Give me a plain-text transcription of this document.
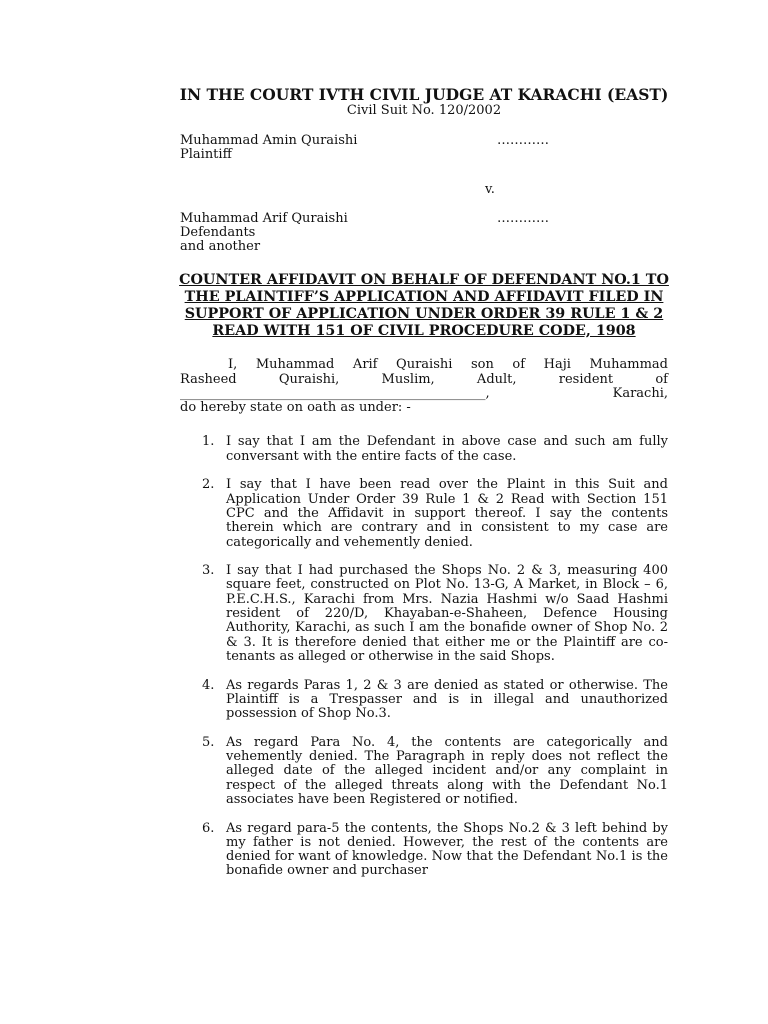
IN THE COURT IVTH CIVIL JUDGE AT KARACHI (EAST)
Civil Suit No. 120/2002
Muhammad Amin Quraishi	…………
Plaintiff
v.
Muhammad Arif Quraishi	…………
Defendants
and another
COUNTER AFFIDAVIT ON BEHALF OF DEFENDANT NO.1 TO THE PLAINTIFF’S APPLICATION AND AFFIDAVIT FILED IN SUPPORT OF APPLICATION UNDER ORDER 39 RULE 1 & 2 READ WITH 151 OF CIVIL PROCEDURE CODE, 1908
I, Muhammad Arif Quraishi son of Haji Muhammad
Rasheed Quraishi, Muslim, Adult, resident of
_______________________________________________, Karachi,
do hereby state on oath as under: -
1. I say that I am the Defendant in above case and such am fully conversant with the entire facts of the case.
2. I say that I have been read over the Plaint in this Suit and Application Under Order 39 Rule 1 & 2 Read with Section 151 CPC and the Affidavit in support thereof. I say the contents therein which are contrary and in consistent to my case are categorically and vehemently denied.
3. I say that I had purchased the Shops No. 2 & 3, measuring 400 square feet, constructed on Plot No. 13-G, A Market, in Block – 6, P.E.C.H.S., Karachi from Mrs. Nazia Hashmi w/o Saad Hashmi resident of 220/D, Khayaban-e-Shaheen, Defence Housing Authority, Karachi, as such I am the bonafide owner of Shop No. 2 & 3. It is therefore denied that either me or the Plaintiff are co-tenants as alleged or otherwise in the said Shops.
4. As regards Paras 1, 2 & 3 are denied as stated or otherwise. The Plaintiff is a Trespasser and is in illegal and unauthorized possession of Shop No.3.
5. As regard Para No. 4, the contents are categorically and vehemently denied. The Paragraph in reply does not reflect the alleged date of the alleged incident and/or any complaint in respect of the alleged threats along with the Defendant No.1 associates have been Registered or notified.
6. As regard para-5 the contents, the Shops No.2 & 3 left behind by my father is not denied. However, the rest of the contents are denied for want of knowledge. Now that the Defendant No.1 is the bonafide owner and purchaser
